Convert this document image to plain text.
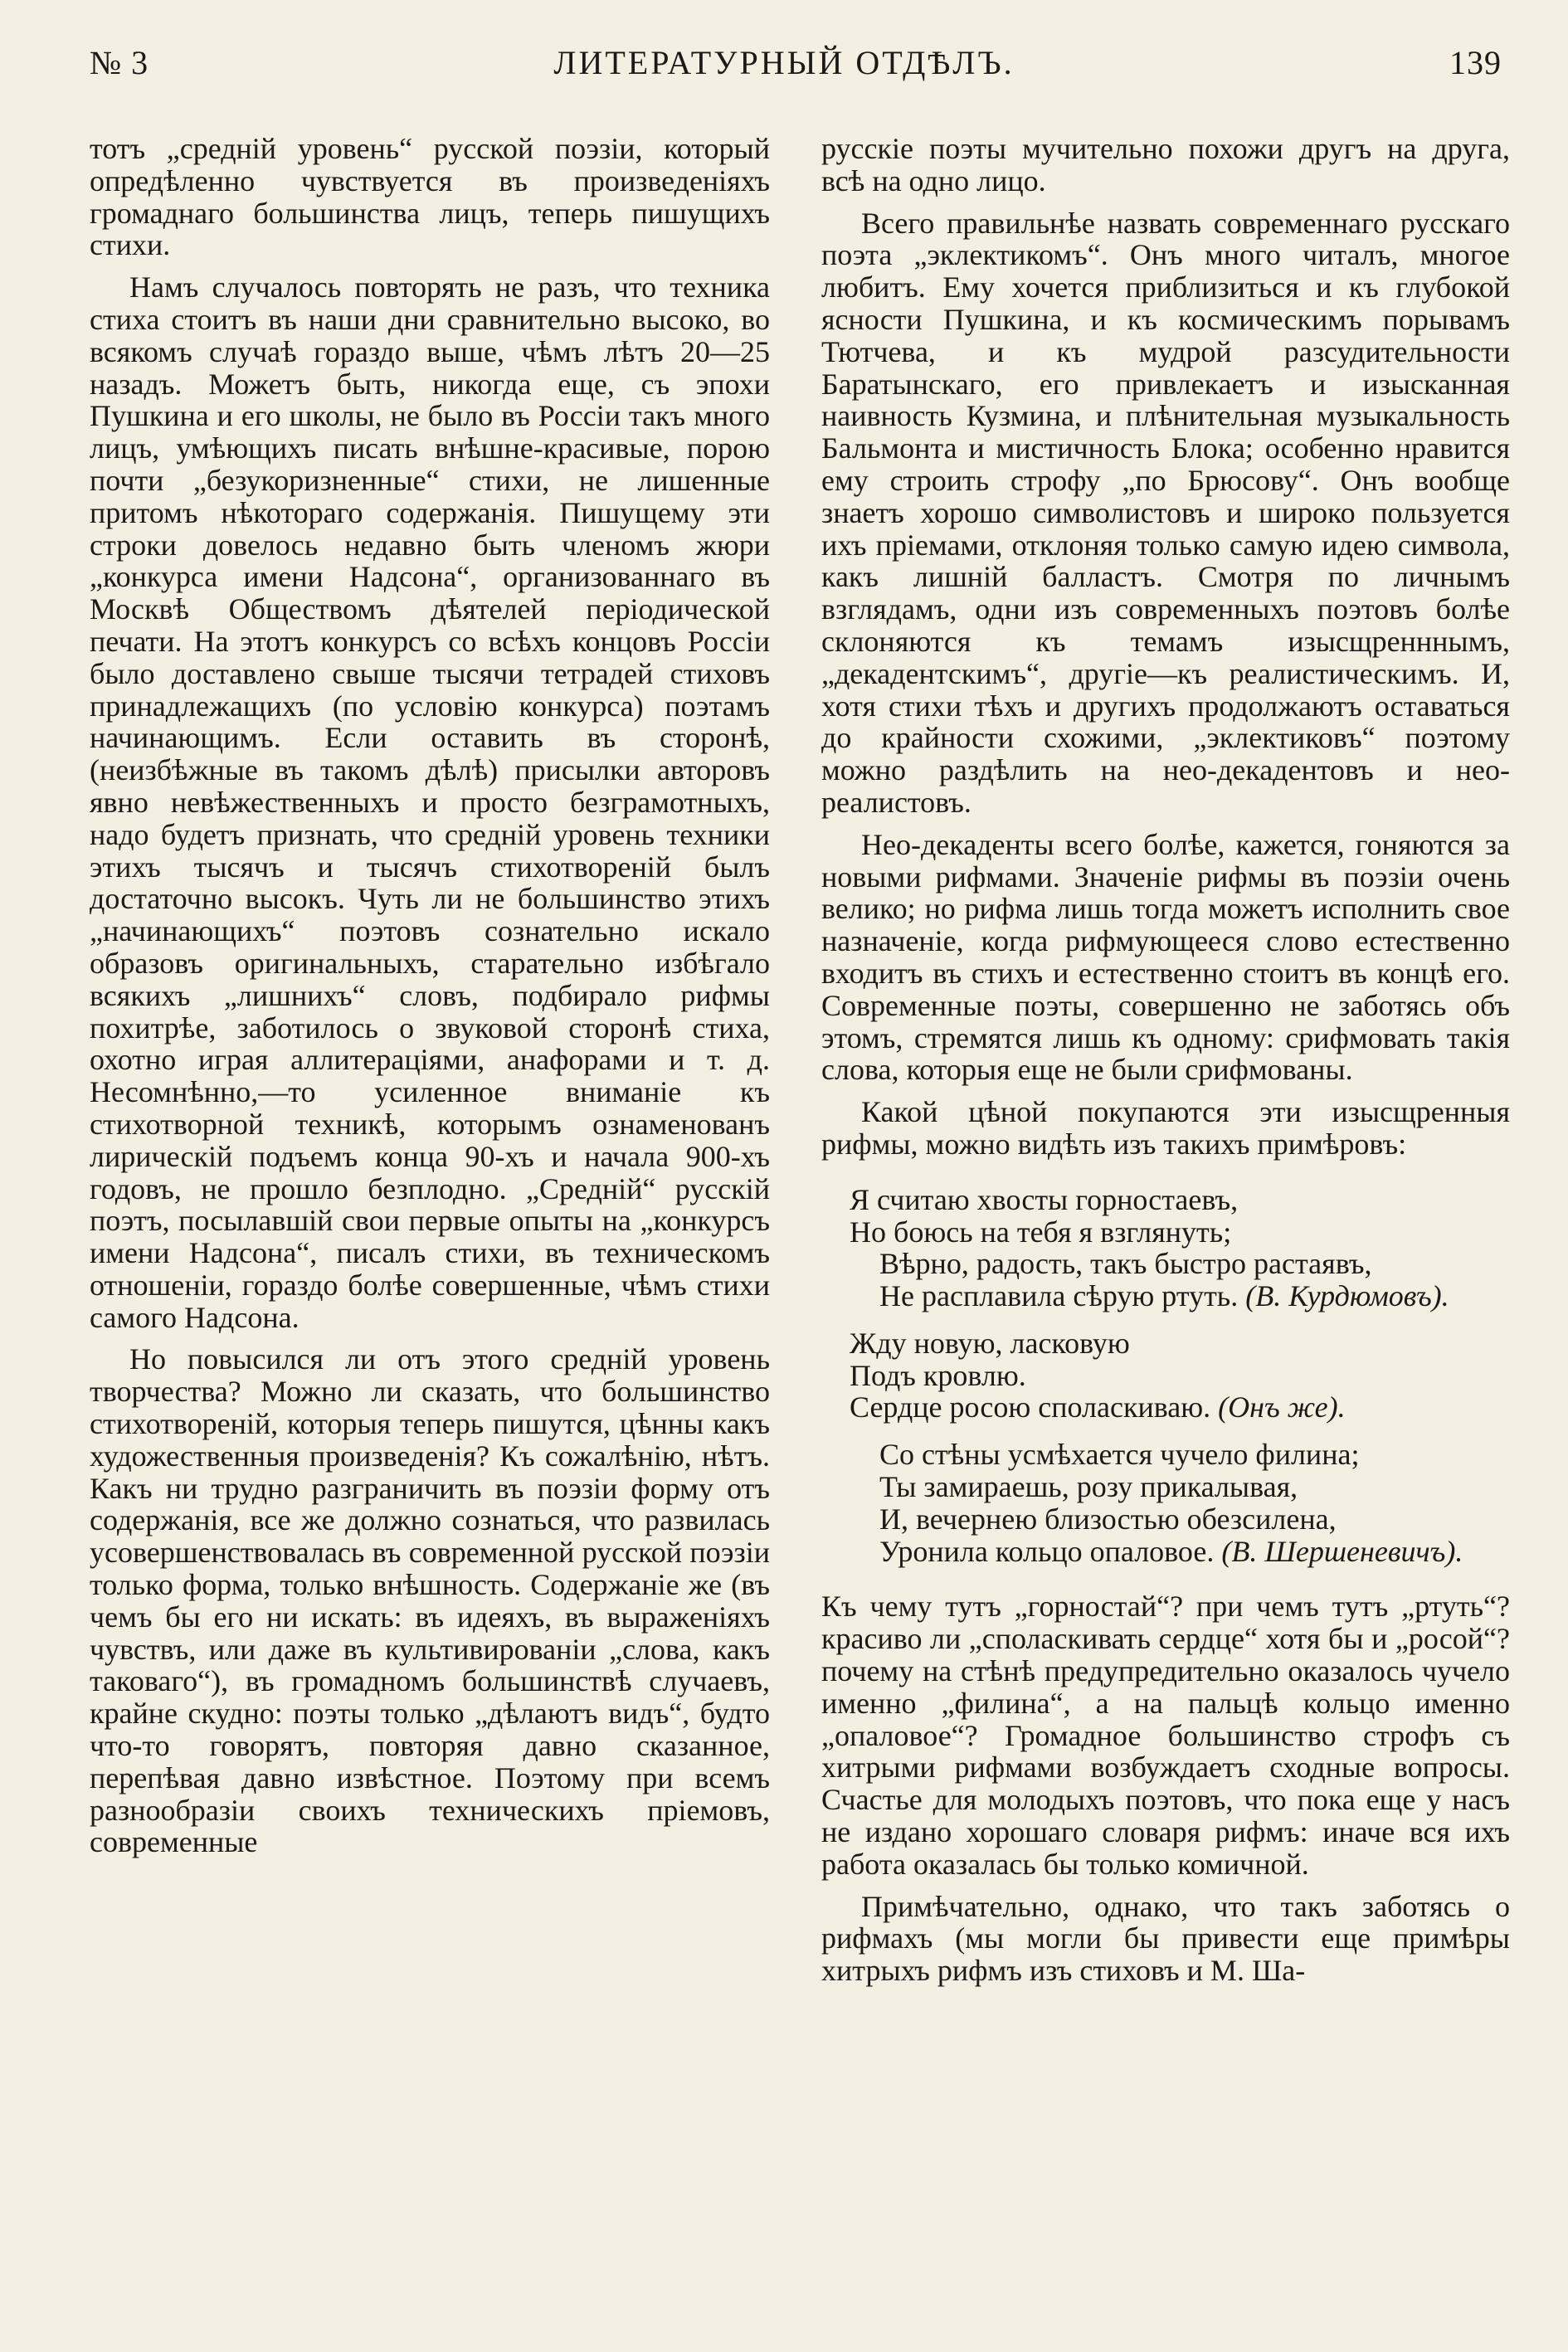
№ 3	ЛИТЕРАТУРНЫЙ ОТДѢЛЪ.	139

тотъ „средній уровень“ русской поэзіи, который опредѣленно чувствуется въ произведеніяхъ громаднаго большинства лицъ, теперь пишущихъ стихи.

Намъ случалось повторять не разъ, что техника стиха стоитъ въ наши дни сравнительно высоко, во всякомъ случаѣ гораздо выше, чѣмъ лѣтъ 20—25 назадъ. Можетъ быть, никогда еще, съ эпохи Пушкина и его школы, не было въ Россіи такъ много лицъ, умѣющихъ писать внѣшне-красивые, порою почти „безукоризненные“ стихи, не лишенные притомъ нѣкотораго содержанія. Пишущему эти строки довелось недавно быть членомъ жюри „конкурса имени Надсона“, организованнаго въ Москвѣ Обществомъ дѣятелей періодической печати. На этотъ конкурсъ со всѣхъ концовъ Россіи было доставлено свыше тысячи тетрадей стиховъ принадлежащихъ (по условію конкурса) поэтамъ начинающимъ. Если оставить въ сторонѣ, (неизбѣжные въ такомъ дѣлѣ) присылки авторовъ явно невѣжественныхъ и просто безграмотныхъ, надо будетъ признать, что средній уровень техники этихъ тысячъ и тысячъ стихотвореній былъ достаточно высокъ. Чуть ли не большинство этихъ „начинающихъ“ поэтовъ сознательно искало образовъ оригинальныхъ, старательно избѣгало всякихъ „лишнихъ“ словъ, подбирало рифмы похитрѣе, заботилось о звуковой сторонѣ стиха, охотно играя аллитераціями, анафорами и т. д. Несомнѣнно,—то усиленное вниманіе къ стихотворной техникѣ, которымъ ознаменованъ лирическій подъемъ конца 90-хъ и начала 900-хъ годовъ, не прошло безплодно. „Средній“ русскій поэтъ, посылавшій свои первые опыты на „конкурсъ имени Надсона“, писалъ стихи, въ техническомъ отношеніи, гораздо болѣе совершенные, чѣмъ стихи самого Надсона.

Но повысился ли отъ этого средній уровень творчества? Можно ли сказать, что большинство стихотвореній, которыя теперь пишутся, цѣнны какъ художественныя произведенія? Къ сожалѣнію, нѣтъ. Какъ ни трудно разграничить въ поэзіи форму отъ содержанія, все же должно сознаться, что развилась усовершенствовалась въ современной русской поэзіи только форма, только внѣшность. Содержаніе же (въ чемъ бы его ни искать: въ идеяхъ, въ выраженіяхъ чувствъ, или даже въ культивированіи „слова, какъ таковаго“), въ громадномъ большинствѣ случаевъ, крайне скудно: поэты только „дѣлаютъ видъ“, будто что-то говорятъ, повторяя давно сказанное, перепѣвая давно извѣстное. Поэтому при всемъ разнообразіи своихъ техническихъ пріемовъ, современные

русскіе поэты мучительно похожи другъ на друга, всѣ на одно лицо.

Всего правильнѣе назвать современнаго русскаго поэта „эклектикомъ“. Онъ много читалъ, многое любитъ. Ему хочется приблизиться и къ глубокой ясности Пушкина, и къ космическимъ порывамъ Тютчева, и къ мудрой разсудительности Баратынскаго, его привлекаетъ и изысканная наивность Кузмина, и плѣнительная музыкальность Бальмонта и мистичность Блока; особенно нравится ему строить строфу „по Брюсову“. Онъ вообще знаетъ хорошо символистовъ и широко пользуется ихъ пріемами, отклоняя только самую идею символа, какъ лишній балластъ. Смотря по личнымъ взглядамъ, одни изъ современныхъ поэтовъ болѣе склоняются къ темамъ изысщренннымъ, „декадентскимъ“, другіе—къ реалистическимъ. И, хотя стихи тѣхъ и другихъ продолжаютъ оставаться до крайности схожими, „эклектиковъ“ поэтому можно раздѣлить на нео-декадентовъ и нео-реалистовъ.

Нео-декаденты всего болѣе, кажется, гоняются за новыми рифмами. Значеніе рифмы въ поэзіи очень велико; но рифма лишь тогда можетъ исполнить свое назначеніе, когда рифмующееся слово естественно входитъ въ стихъ и естественно стоитъ въ концѣ его. Современные поэты, совершенно не заботясь объ этомъ, стремятся лишь къ одному: срифмовать такія слова, которыя еще не были срифмованы.

Какой цѣной покупаются эти изысщренныя рифмы, можно видѣть изъ такихъ примѣровъ:

Я считаю хвосты горностаевъ,
Но боюсь на тебя я взглянуть;
Вѣрно, радость, такъ быстро растаявъ,
Не расплавила сѣрую ртуть. (В. Курдюмовъ).
Жду новую, ласковую
Подъ кровлю.
Сердце росою споласкиваю. (Онъ же).
Со стѣны усмѣхается чучело филина;
Ты замираешь, розу прикалывая,
И, вечернею близостью обезсилена,
Уронила кольцо опаловое. (В. Шершеневичъ).

Къ чему тутъ „горностай“? при чемъ тутъ „ртуть“? красиво ли „споласкивать сердце“ хотя бы и „росой“? почему на стѣнѣ предупредительно оказалось чучело именно „филина“, а на пальцѣ кольцо именно „опаловое“? Громадное большинство строфъ съ хитрыми рифмами возбуждаетъ сходные вопросы. Счастье для молодыхъ поэтовъ, что пока еще у насъ не издано хорошаго словаря рифмъ: иначе вся ихъ работа оказалась бы только комичной.

Примѣчательно, однако, что такъ заботясь о рифмахъ (мы могли бы привести еще примѣры хитрыхъ рифмъ изъ стиховъ и М. Ша-
